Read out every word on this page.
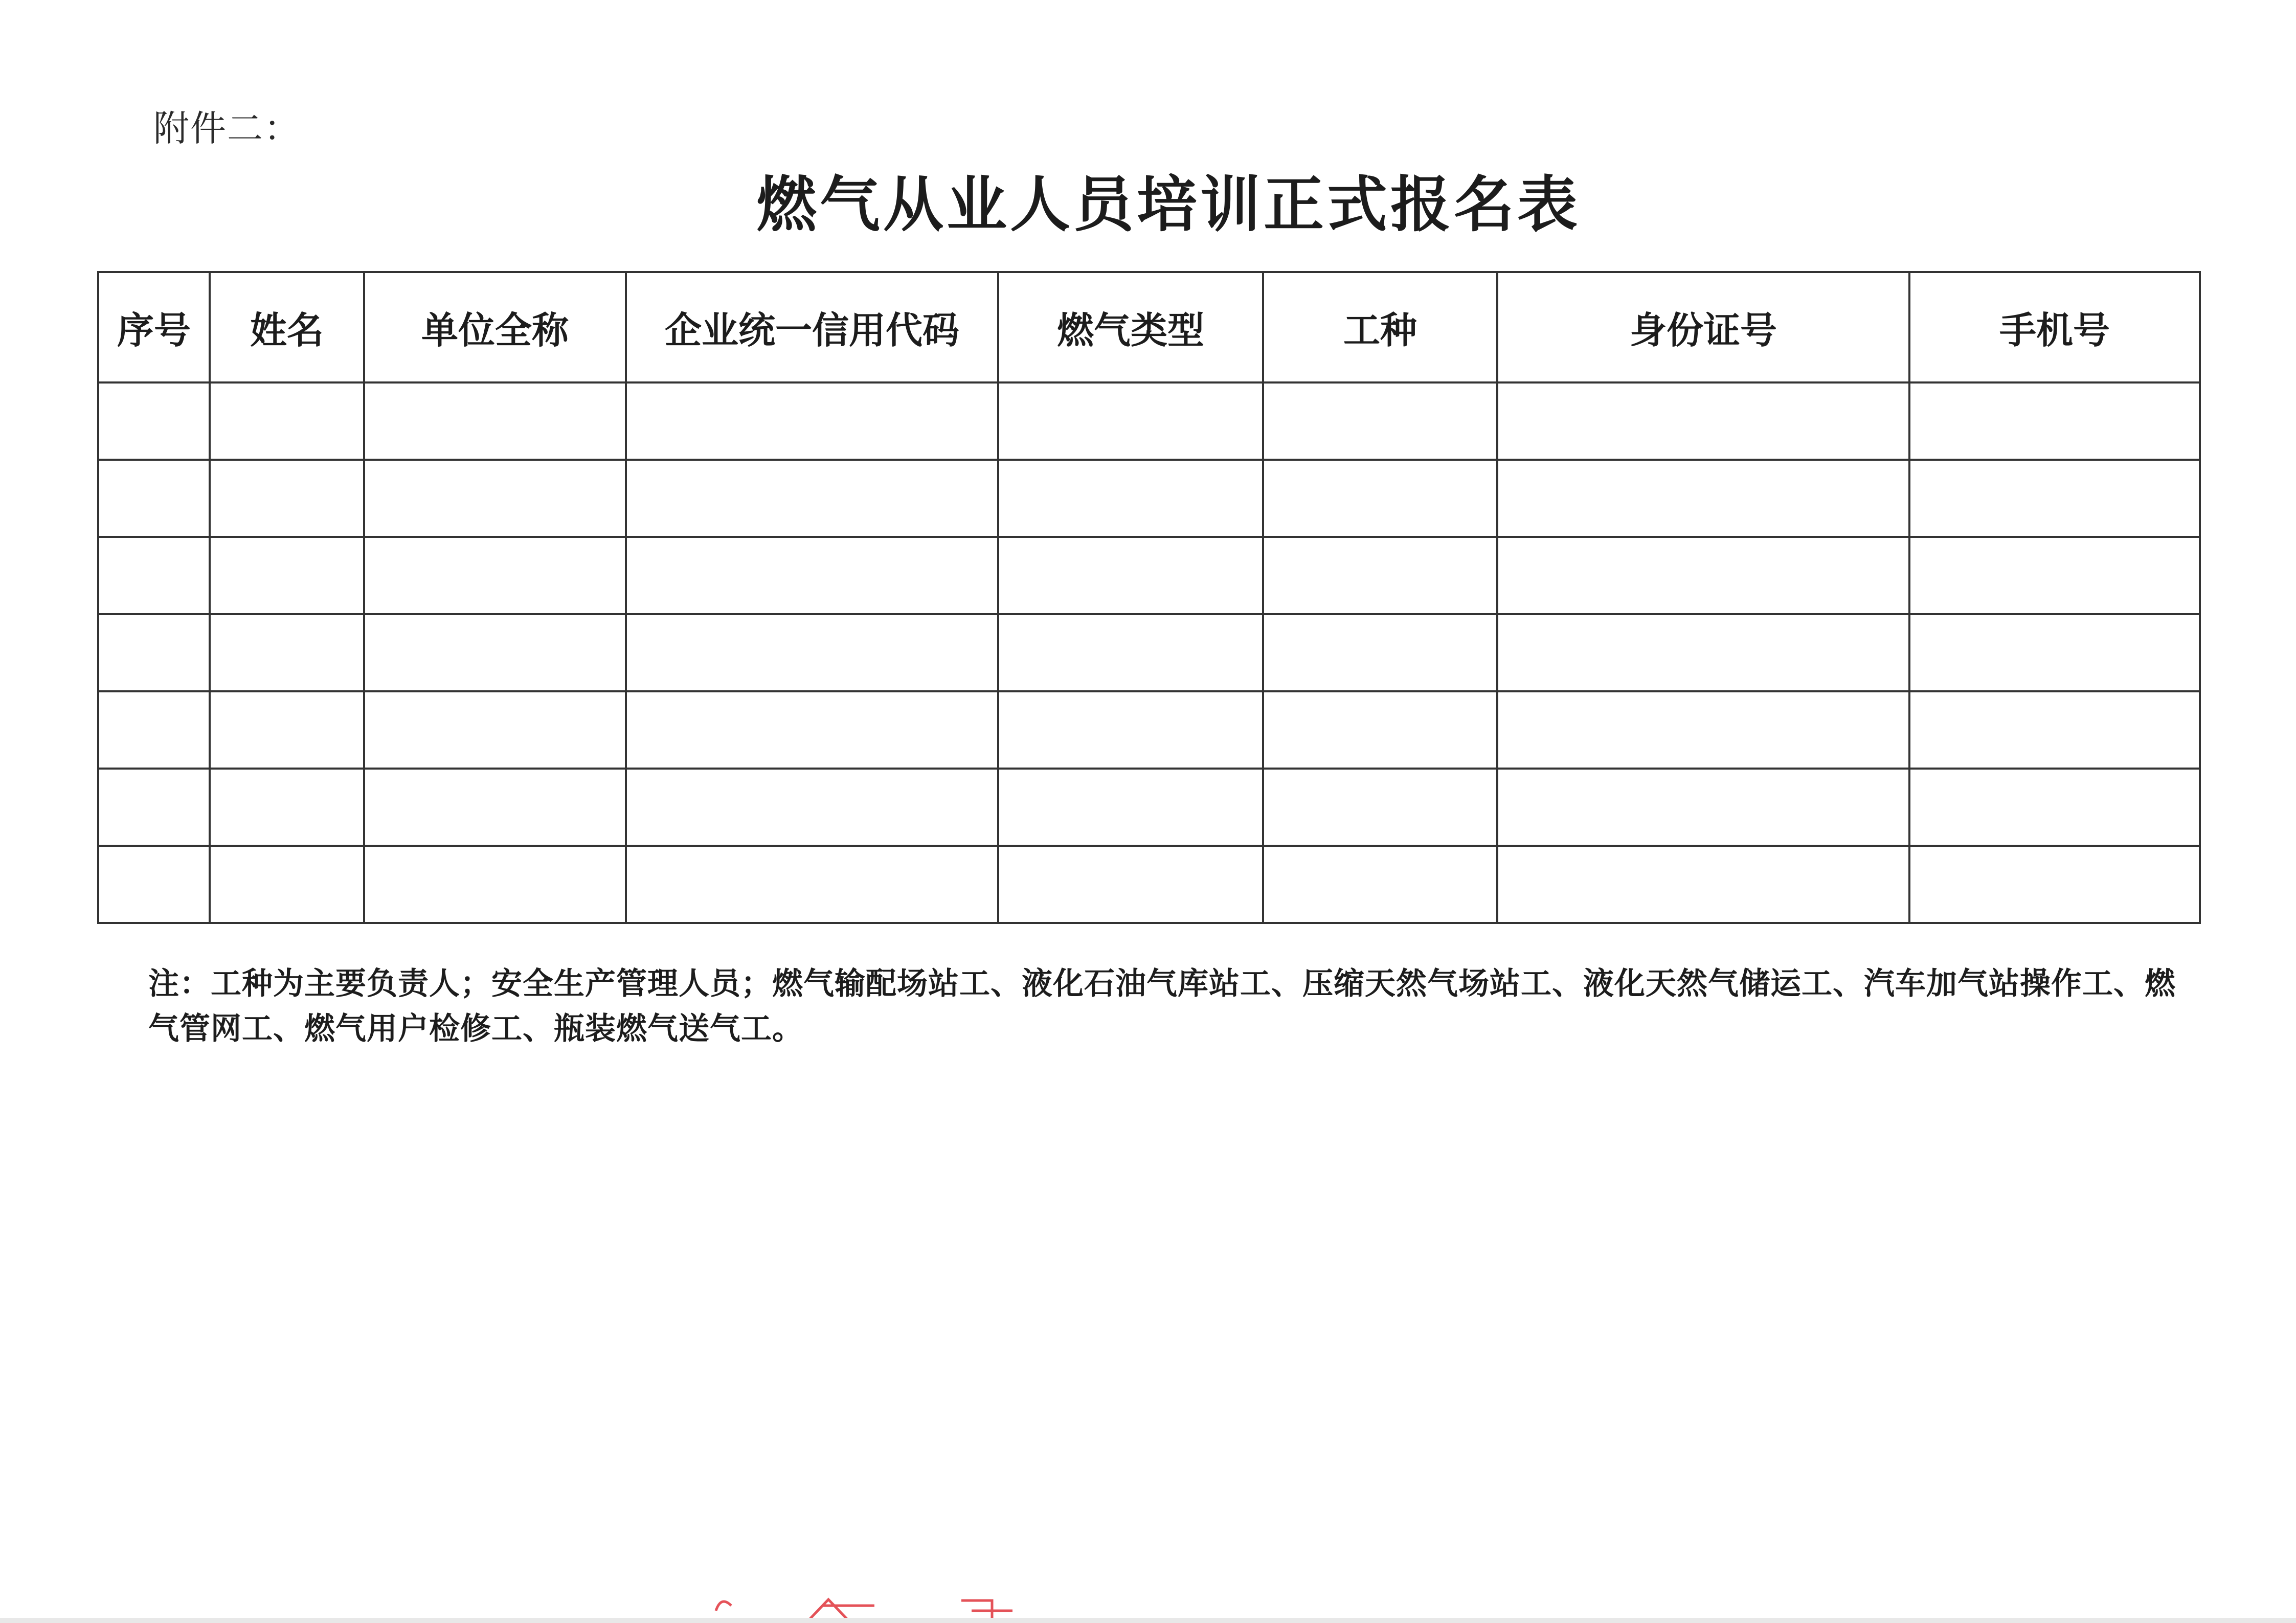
附件二：
燃气从业人员培训正式报名表
序号	姓名	单位全称	企业统一信用代码	燃气类型	工种	身份证号	手机号

注：工种为主要负责人；安全生产管理人员；燃气输配场站工、液化石油气库站工、压缩天然气场站工、液化天然气储运工、汽车加气站操作工、燃气管网工、燃气用户检修工、瓶装燃气送气工。
